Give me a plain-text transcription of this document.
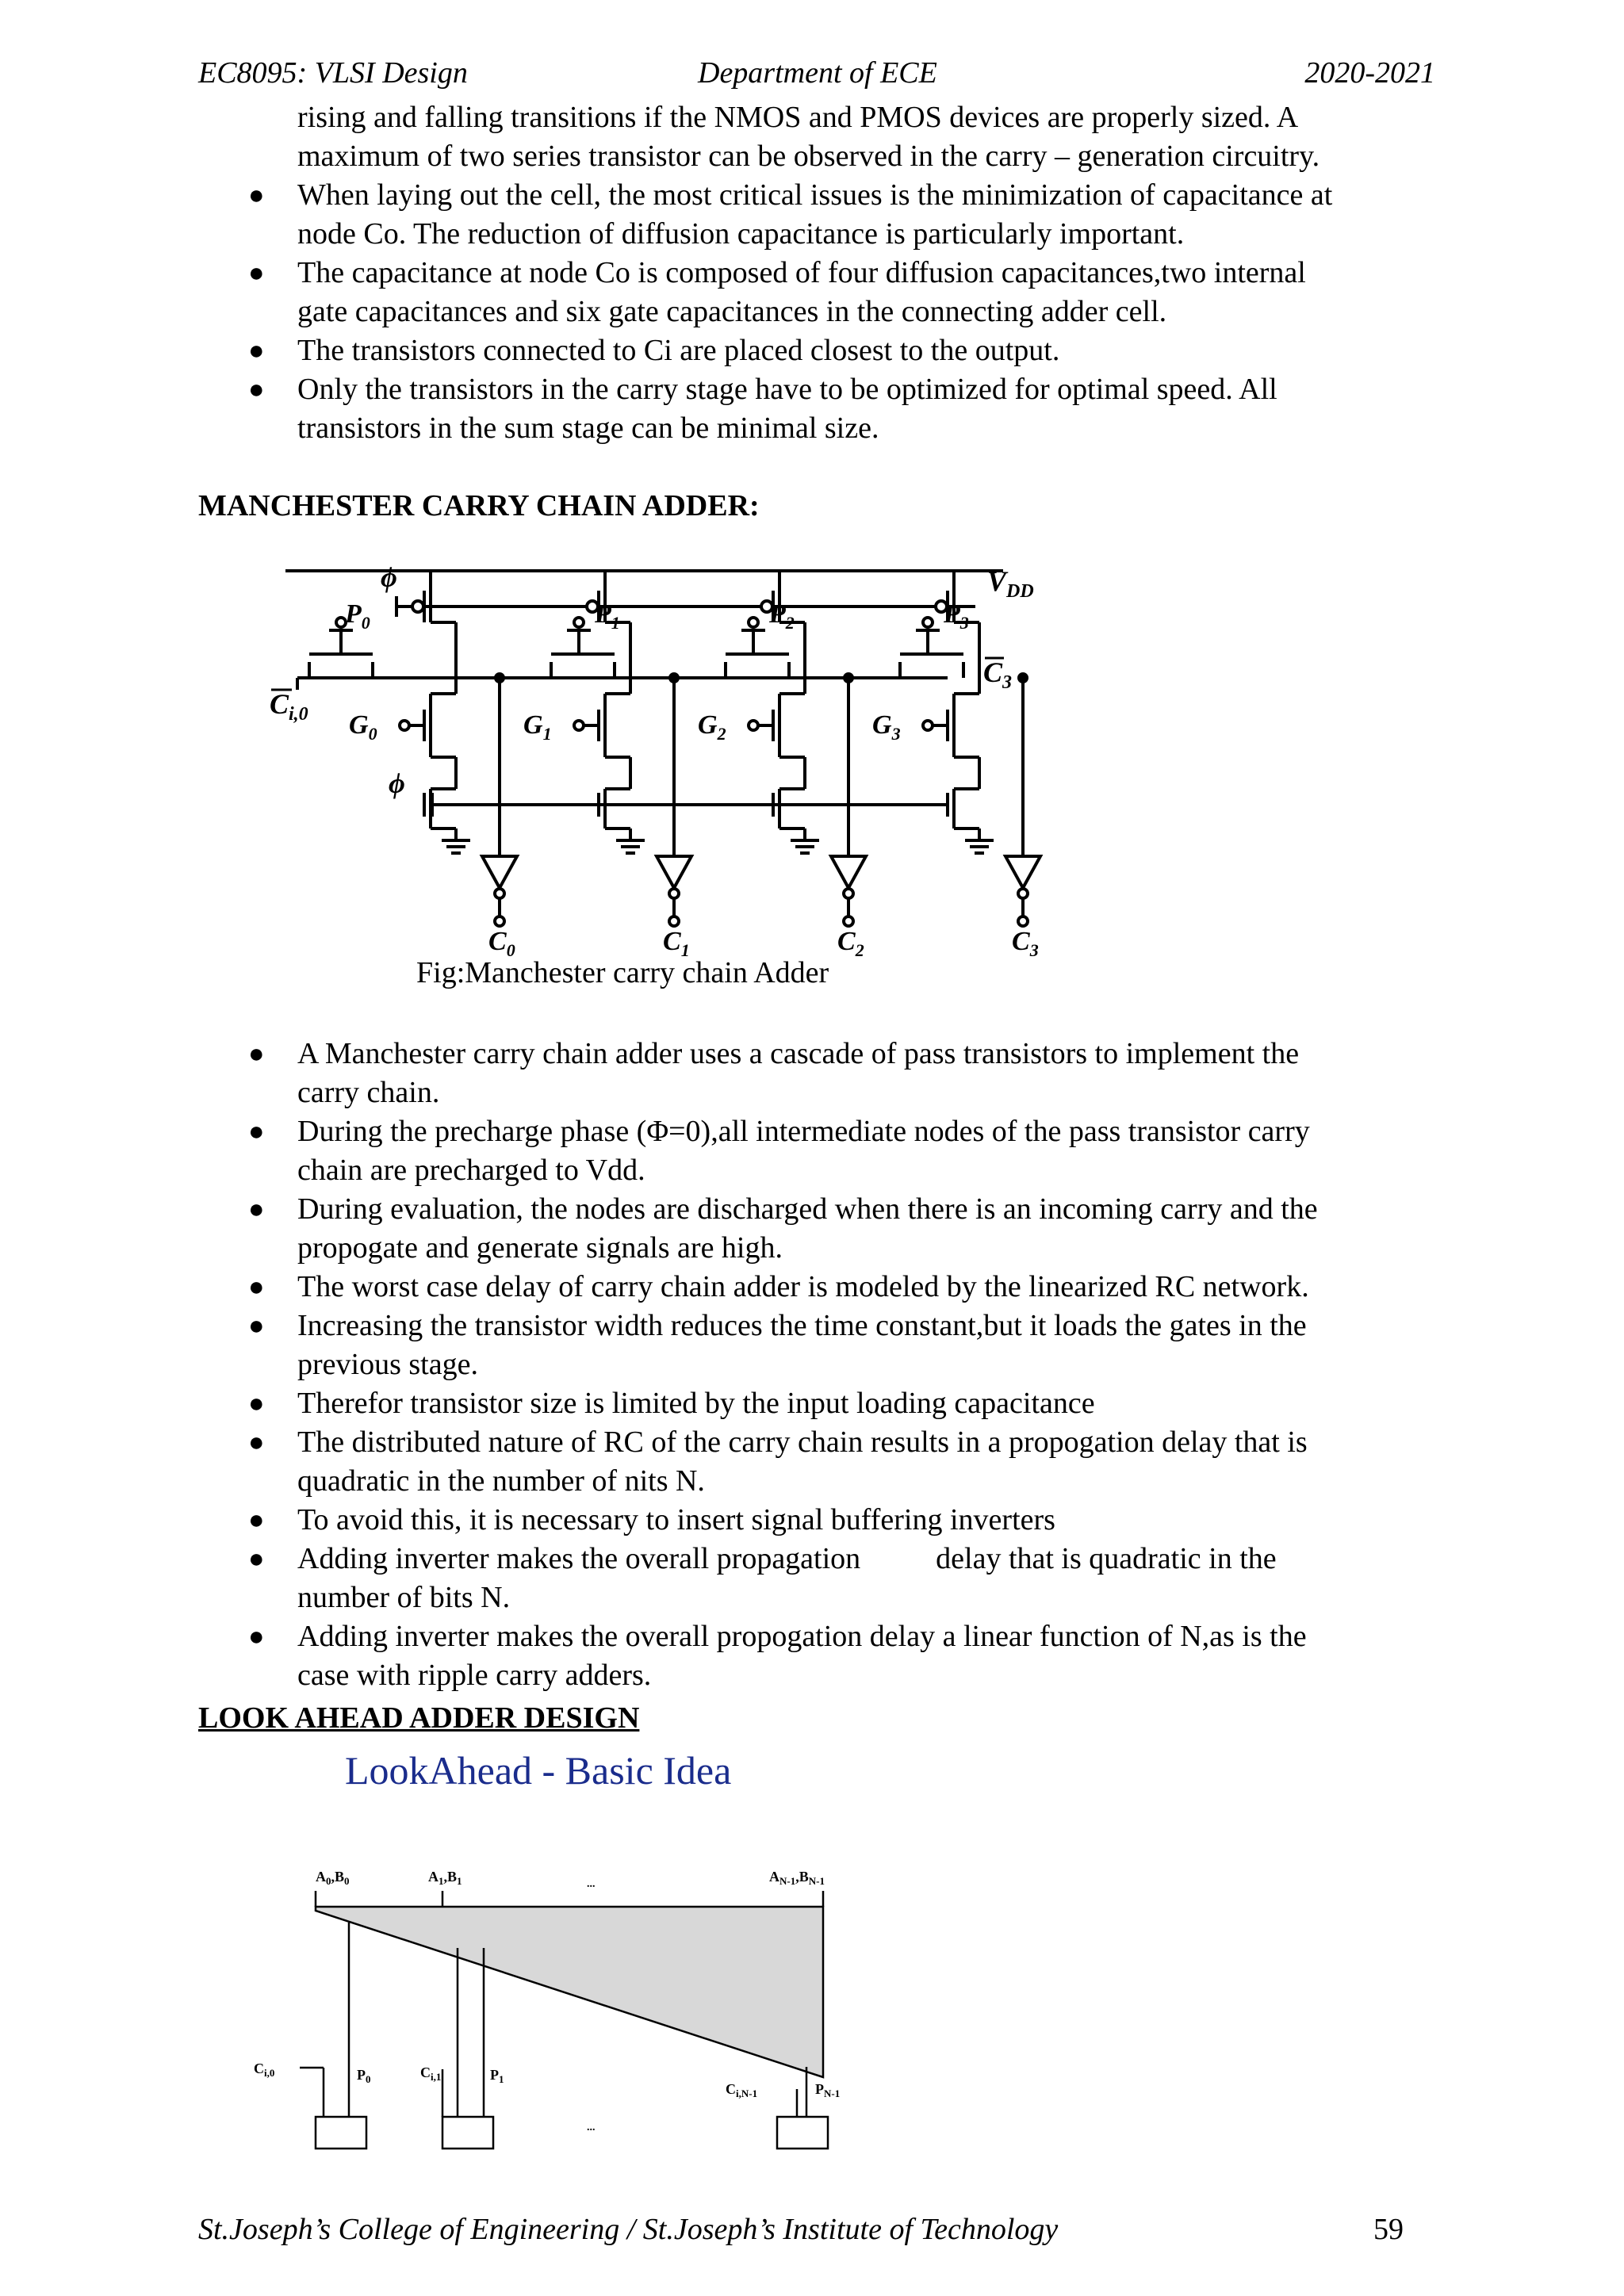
EC8095: VLSI Design	Department of ECE	2020-2021
rising and falling transitions if the NMOS and PMOS devices are properly sized. A
maximum of two series transistor can be observed in the carry – generation circuitry.
● When laying out the cell, the most critical issues is the minimization of capacitance at
node Co. The reduction of diffusion capacitance is particularly important.
● The capacitance at node Co is composed of four diffusion capacitances,two internal
gate capacitances and six gate capacitances in the connecting adder cell.
● The transistors connected to Ci are placed closest to the output.
● Only the transistors in the carry stage have to be optimized for optimal speed. All
transistors in the sum stage can be minimal size.
MANCHESTER CARRY CHAIN ADDER:
ϕ
ϕ
$V_{DD}$
$C_{i,0}$
$C_3$
$P_0$
$G_0$
$C_0$
$P_1$
$G_1$
$C_1$
$P_2$
$G_2$
$C_2$
$P_3$
$G_3$
$C_3$
Fig:Manchester carry chain Adder
● A Manchester carry chain adder uses a cascade of pass transistors to implement the
carry chain.
● During the precharge phase (Φ=0),all intermediate nodes of the pass transistor carry
chain are precharged to Vdd.
● During evaluation, the nodes are discharged when there is an incoming carry and the
propogate and generate signals are high.
● The worst case delay of carry chain adder is modeled by the linearized RC network.
● Increasing the transistor width reduces the time constant,but it loads the gates in the
previous stage.
● Therefor transistor size is limited by the input loading capacitance
● The distributed nature of RC of the carry chain results in a propogation delay that is
quadratic in the number of nits N.
● To avoid this, it is necessary to insert signal buffering inverters
● Adding inverter makes the overall propagation          delay that is quadratic in the
number of bits N.
● Adding inverter makes the overall propogation delay a linear function of N,as is the
case with ripple carry adders.
LOOK AHEAD ADDER DESIGN
LookAhead - Basic Idea
$A_0,B_0$	$A_1,B_1$	$A_{N-1},B_{N-1}$
...
...
$C_{i,0}$	$P_0$	$C_{i,1}$	$P_1$
$C_{i,N-1}$	$P_{N-1}$
St.Joseph’s College of Engineering / St.Joseph’s Institute of Technology	59
